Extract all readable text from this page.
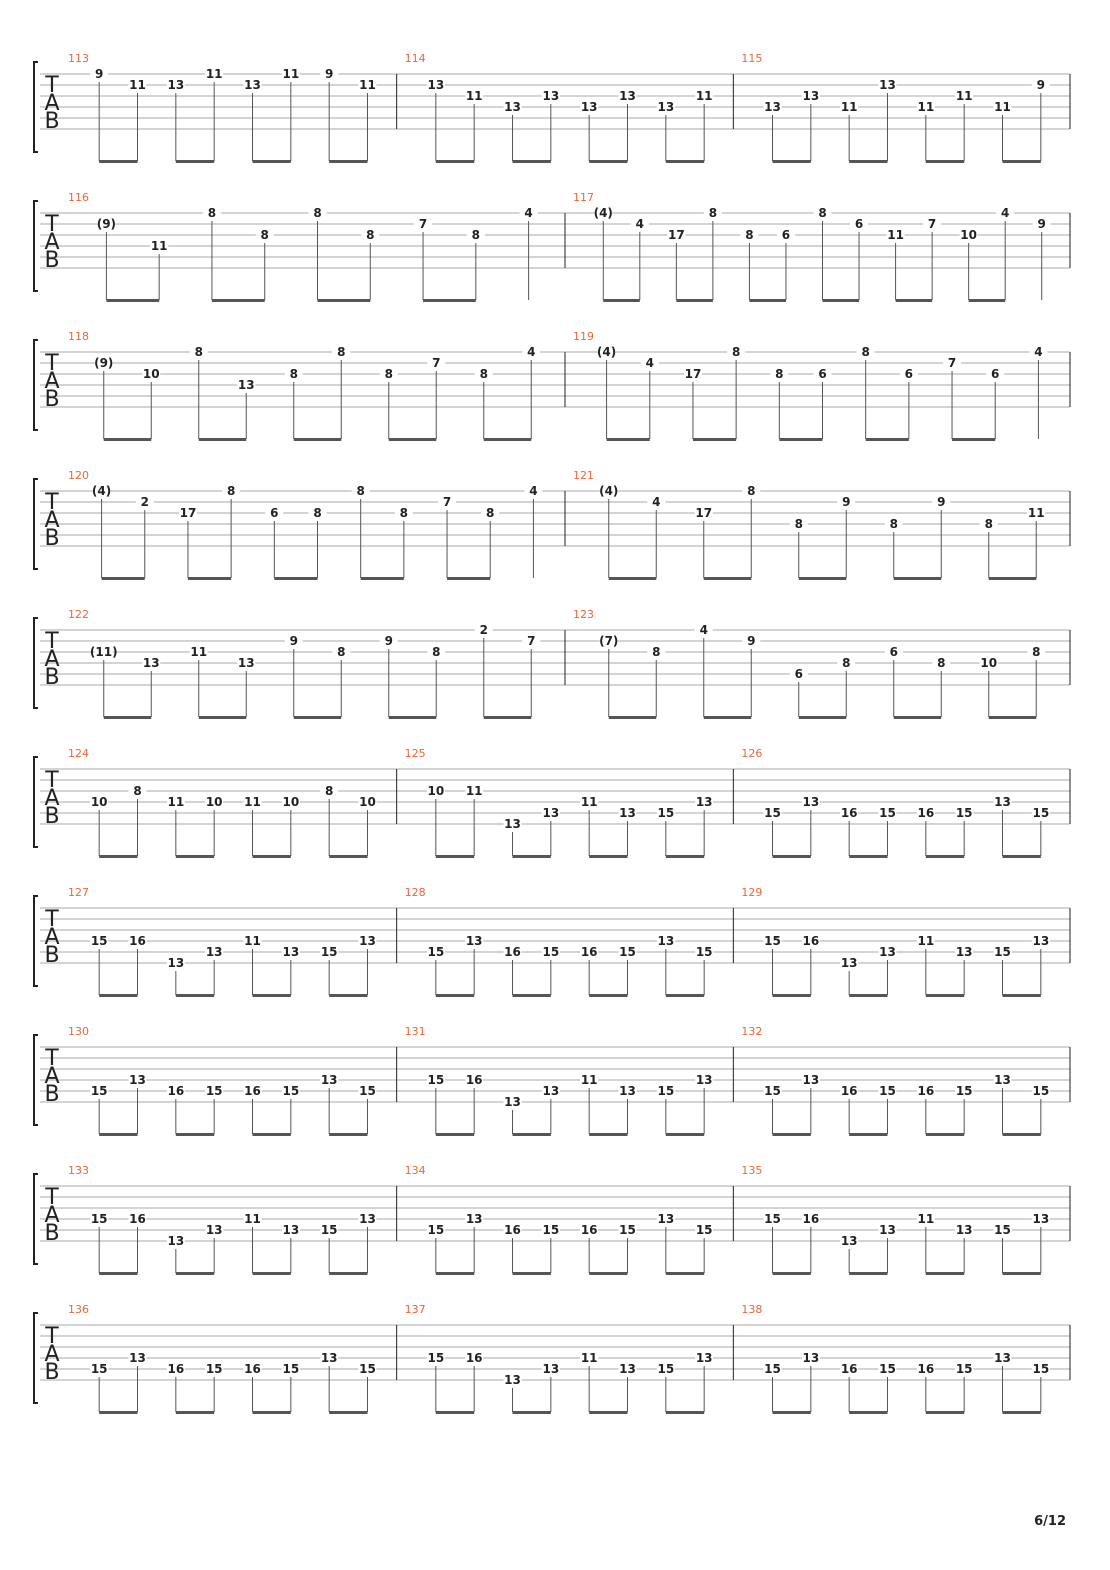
T
A
B
113
9
11 13
11
13
11 9
11
114
13
11
13
13
13
13
13
11
115
13
13
11
13
11
11
11
9
T
A
B
116
(9)
11
8
8
8
8
7
8
4
117
(4)
4
17
8
8 6
8
6
11
7
10
4
9
T
A
B
118
(9)
10
8
13
8
8
8
7
8
4
119
(4)
4
17
8
8	6
8
6
7
6
4
T
A
B
120
(4)
2
17
8
6	8
8
8
7
8
4
121
(4)
4
17
8
8
9
8
9
8
11
T
A
B
122
(11)
13
11
13
9
8
9
8
2
7
123
(7)
8
4
9
6
8
6
8	10
8
T
A
B
124
10
8
11 10 11 10
8
10
125
10 11
13
13
11
13 15
13
126
15
13
16 15 16 15
13
15
T
A
B
127
15 16
13
13
11
13 15
13
128
15
13
16 15 16 15
13
15
129
15 16
13
13
11
13 15
13
T
A
B
130
15
13
16 15 16 15
13
15
131
15 16
13
13
11
13 15
13
132
15
13
16 15 16 15
13
15
T
A
B
133
15 16
13
13
11
13 15
13
134
15
13
16 15 16 15
13
15
135
15 16
13
13
11
13 15
13
T
A
B
136
15
13
16 15 16 15
13
15
137
15 16
13
13
11
13 15
13
138
15
13
16 15 16 15
13
15
6/12
